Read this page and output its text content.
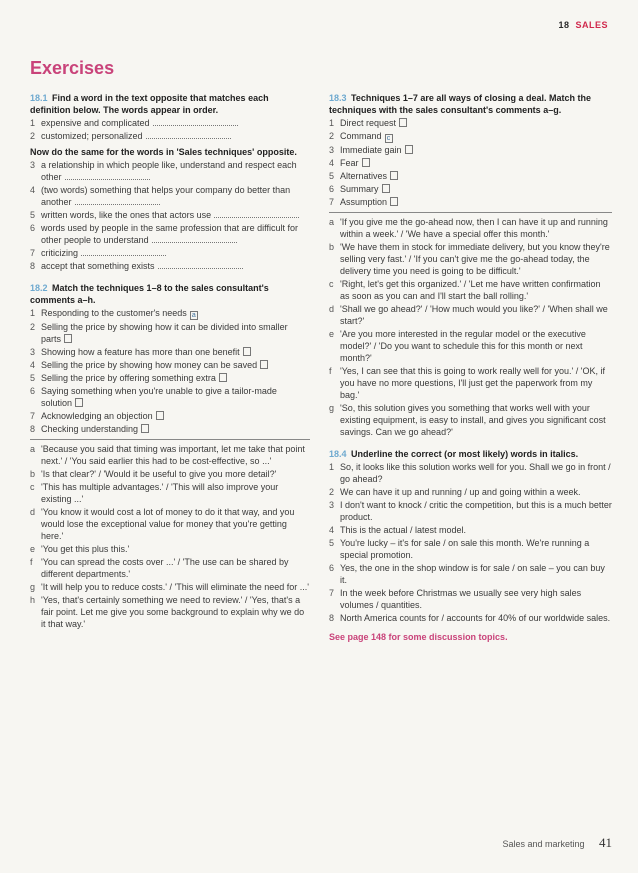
18 SALES
Exercises
18.1 Find a word in the text opposite that matches each definition below. The words appear in order.
1 expensive and complicated
2 customized; personalized
Now do the same for the words in 'Sales techniques' opposite.
3 a relationship in which people like, understand and respect each other
4 (two words) something that helps your company do better than another
5 written words, like the ones that actors use
6 words used by people in the same profession that are difficult for other people to understand
7 criticizing
8 accept that something exists
18.2 Match the techniques 1–8 to the sales consultant's comments a–h.
1 Responding to the customer's needs a
2 Selling the price by showing how it can be divided into smaller parts
3 Showing how a feature has more than one benefit
4 Selling the price by showing how money can be saved
5 Selling the price by offering something extra
6 Saying something when you're unable to give a tailor-made solution
7 Acknowledging an objection
8 Checking understanding
a 'Because you said that timing was important, let me take that point next.' / 'You said earlier this had to be cost-effective, so ...'
b 'Is that clear?' / 'Would it be useful to give you more detail?'
c 'This has multiple advantages.' / 'This will also improve your existing ...'
d 'You know it would cost a lot of money to do it that way, and you would lose the exceptional value for money that you're getting here.'
e 'You get this plus this.'
f 'You can spread the costs over ...' / 'The use can be shared by different departments.'
g 'It will help you to reduce costs.' / 'This will eliminate the need for ...'
h 'Yes, that's certainly something we need to review.' / 'Yes, that's a fair point. Let me give you some background to explain why we do it that way.'
18.3 Techniques 1–7 are all ways of closing a deal. Match the techniques with the sales consultant's comments a–g.
1 Direct request
2 Command c
3 Immediate gain
4 Fear
5 Alternatives
6 Summary
7 Assumption
a 'If you give me the go-ahead now, then I can have it up and running within a week.' / 'We have a special offer this month.'
b 'We have them in stock for immediate delivery, but you know they're selling very fast.' / 'If you can't give me the go-ahead today, the delivery time you need is going to be difficult.'
c 'Right, let's get this organized.' / 'Let me have written confirmation as soon as you can and I'll start the ball rolling.'
d 'Shall we go ahead?' / 'How much would you like?' / 'When shall we start?'
e 'Are you more interested in the regular model or the executive model?' / 'Do you want to schedule this for this month or next month?'
f 'Yes, I can see that this is going to work really well for you.' / 'OK, if you have no more questions, I'll just get the paperwork from my bag.'
g 'So, this solution gives you something that works well with your existing equipment, is easy to install, and gives you significant cost savings. Can we go ahead?'
18.4 Underline the correct (or most likely) words in italics.
1 So, it looks like this solution works well for you. Shall we go in front / go ahead?
2 We can have it up and running / up and going within a week.
3 I don't want to knock / critic the competition, but this is a much better product.
4 This is the actual / latest model.
5 You're lucky – it's for sale / on sale this month. We're running a special promotion.
6 Yes, the one in the shop window is for sale / on sale – you can buy it.
7 In the week before Christmas we usually see very high sales volumes / quantities.
8 North America counts for / accounts for 40% of our worldwide sales.
See page 148 for some discussion topics.
Sales and marketing 41
